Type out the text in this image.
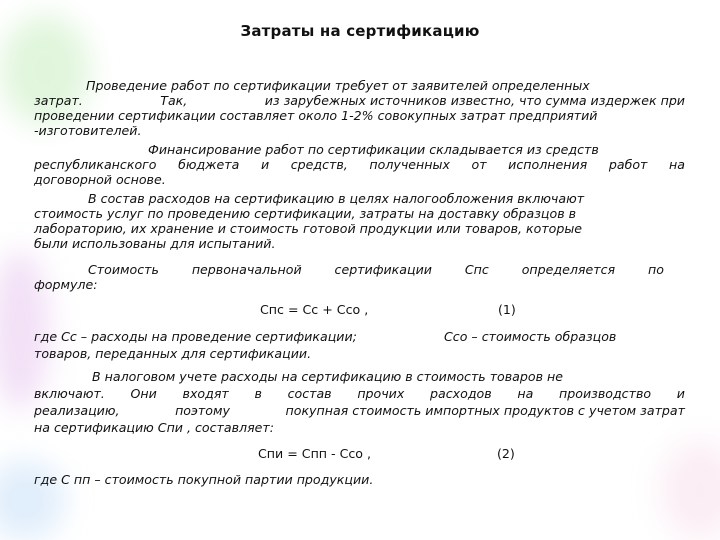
Затраты на сертификацию
Проведение работ по сертификации требует от заявителей определенных
затрат.	Так,	из зарубежных источников известно, что сумма издержек при
проведении сертификации составляет около 1-2% совокупных затрат предприятий
-изготовителей.
Финансирование работ по сертификации складывается из средств
республиканского бюджета и средств, полученных от исполнения работ на
договорной основе.
В состав расходов на сертификацию в целях налогообложения включают
стоимость услуг по проведению сертификации, затраты на доставку образцов в
лабораторию, их хранение и стоимость готовой продукции или товаров, которые
были использованы для испытаний.
Стоимость	первоначальной	сертификации	Спс	определяется	по
формуле:
Спс = Сс + Ссо ,	(1)
где Сс – расходы на проведение сертификации;	Ссо – стоимость образцов
товаров, переданных для сертификации.
В налоговом учете расходы на сертификацию в стоимость товаров не
включают. Они входят в состав прочих расходов на производство и
реализацию,	поэтому	покупная стоимость импортных продуктов с учетом затрат
на сертификацию Спи , составляет:
Спи = Спп - Ссо ,	(2)
где С пп – стоимость покупной партии продукции.
